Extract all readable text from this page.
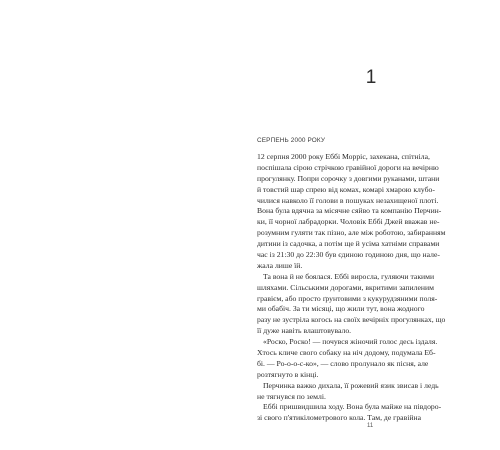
1
СЕРПЕНЬ 2000 РОКУ
12 серпня 2000 року Еббі Морріс, захекана, спітніла,
поспішала сірою стрічкою гравійної дороги на вечірню
прогулянку. Попри сорочку з довгими руканами, штани
й товстий шар спрею від комах, комарі хмарою клубо-
чилися навколо її голови в пошуках незахищеної плоті.
Вона була вдячна за місячне сяйво та компанію Перчин-
ки, її чорної лабрадорки. Чоловік Еббі Джей вважав не-
розумним гуляти так пізно, але між роботою, забиранням
дитини із садочка, а потім ще й усіма хатніми справами
час із 21:30 до 22:30 був єдиною годиною дня, що нале-
жала лише їй.
Та вона й не боялася. Еббі виросла, гуляючи такими
шляхами. Сільськими дорогами, вкритими запиленим
гравієм, або просто ґрунтовими з кукурудзяними поля-
ми обабіч. За ти місяці, що жили тут, вона жодного
разу не зустріла когось на своїх вечірніх прогулянках, що
її дуже навіть влаштовувало.
«Роско, Роско! — почувся жіночий голос десь іздаля.
Хтось кличе свого собаку на ніч додому, подумала Еб-
бі. — Ро-о-о-с-ко», — слово пролунало як пісня, але
розтягнуто в кінці.
Перчинка важко дихала, її рожевий язик звисав і ледь
не тягнувся по землі.
Еббі пришвидшила ходу. Вона була майже на півдоро-
зі свого п'ятикілометрового кола. Там, де гравійна
11
